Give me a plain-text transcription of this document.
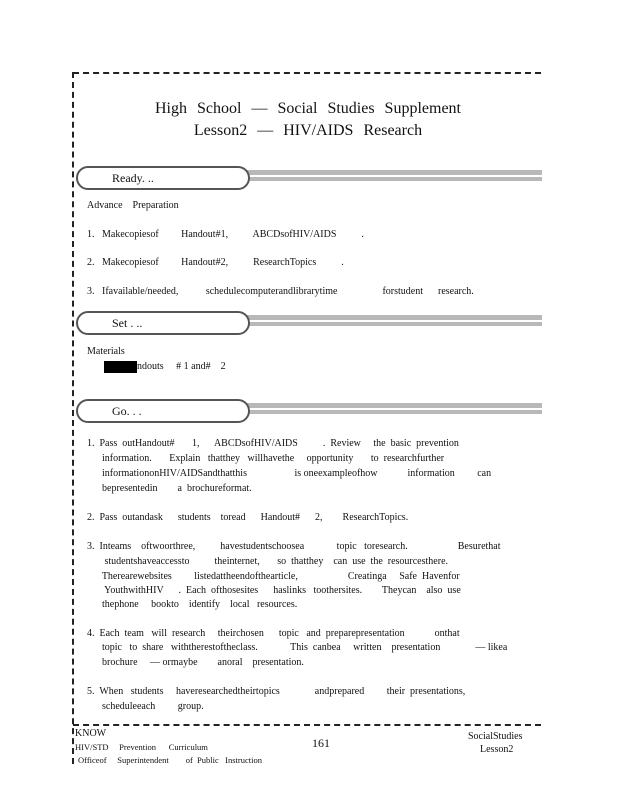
High School — Social Studies Supplement
Lesson2 — HIV/AIDS Research
Ready. ..
Advance    Preparation
1.   Makecopiesof         Handout#1,          ABCDsofHIV/AIDS          .
2.   Makecopiesof         Handout#2,          ResearchTopics          .
3.   Ifavailable/needed,           schedulecomputerandlibrarytime                  forstudent      research.
Set . ..
Materials
ndouts     # 1 and#    2
Go. . .
1.  Pass  outHandout#       1,      ABCDsofHIV/AIDS          .  Review     the  basic  prevention
information.       Explain   thatthey   willhavethe     opportunity       to  researchfurther
informationonHIV/AIDSandthatthis                   is oneexampleofhow            information         can
bepresentedin        a  brochureformat.
2.  Pass  outandask      students    toread      Handout#      2,        ResearchTopics.
3.  Inteams    oftwoorthree,          havestudentschoosea             topic   toresearch.                    Besurethat
studentshaveaccessto          theinternet,       so  thatthey    can  use  the  resourcesthere.
Therearewebsites         listedattheendofthearticle,                    Creatinga     Safe  Havenfor
YouthwithHIV      .  Each  ofthosesites      haslinks   toothersites.        Theycan    also  use
thephone     bookto    identify    local   resources.
4.  Each  team   will  research     theirchosen      topic   and  preparepresentation            onthat
topic   to  share   withtherestoftheclass.             This  canbea     written    presentation              — likea
brochure     — ormaybe        anoral    presentation.
5.  When   students     haveresearchedtheirtopics              andprepared         their  presentations,
scheduleeach         group.
KNOW
HIV/STD     Prevention      Curriculum
Officeof     Superintendent        of  Public   Instruction
161	SocialStudies
Lesson2
